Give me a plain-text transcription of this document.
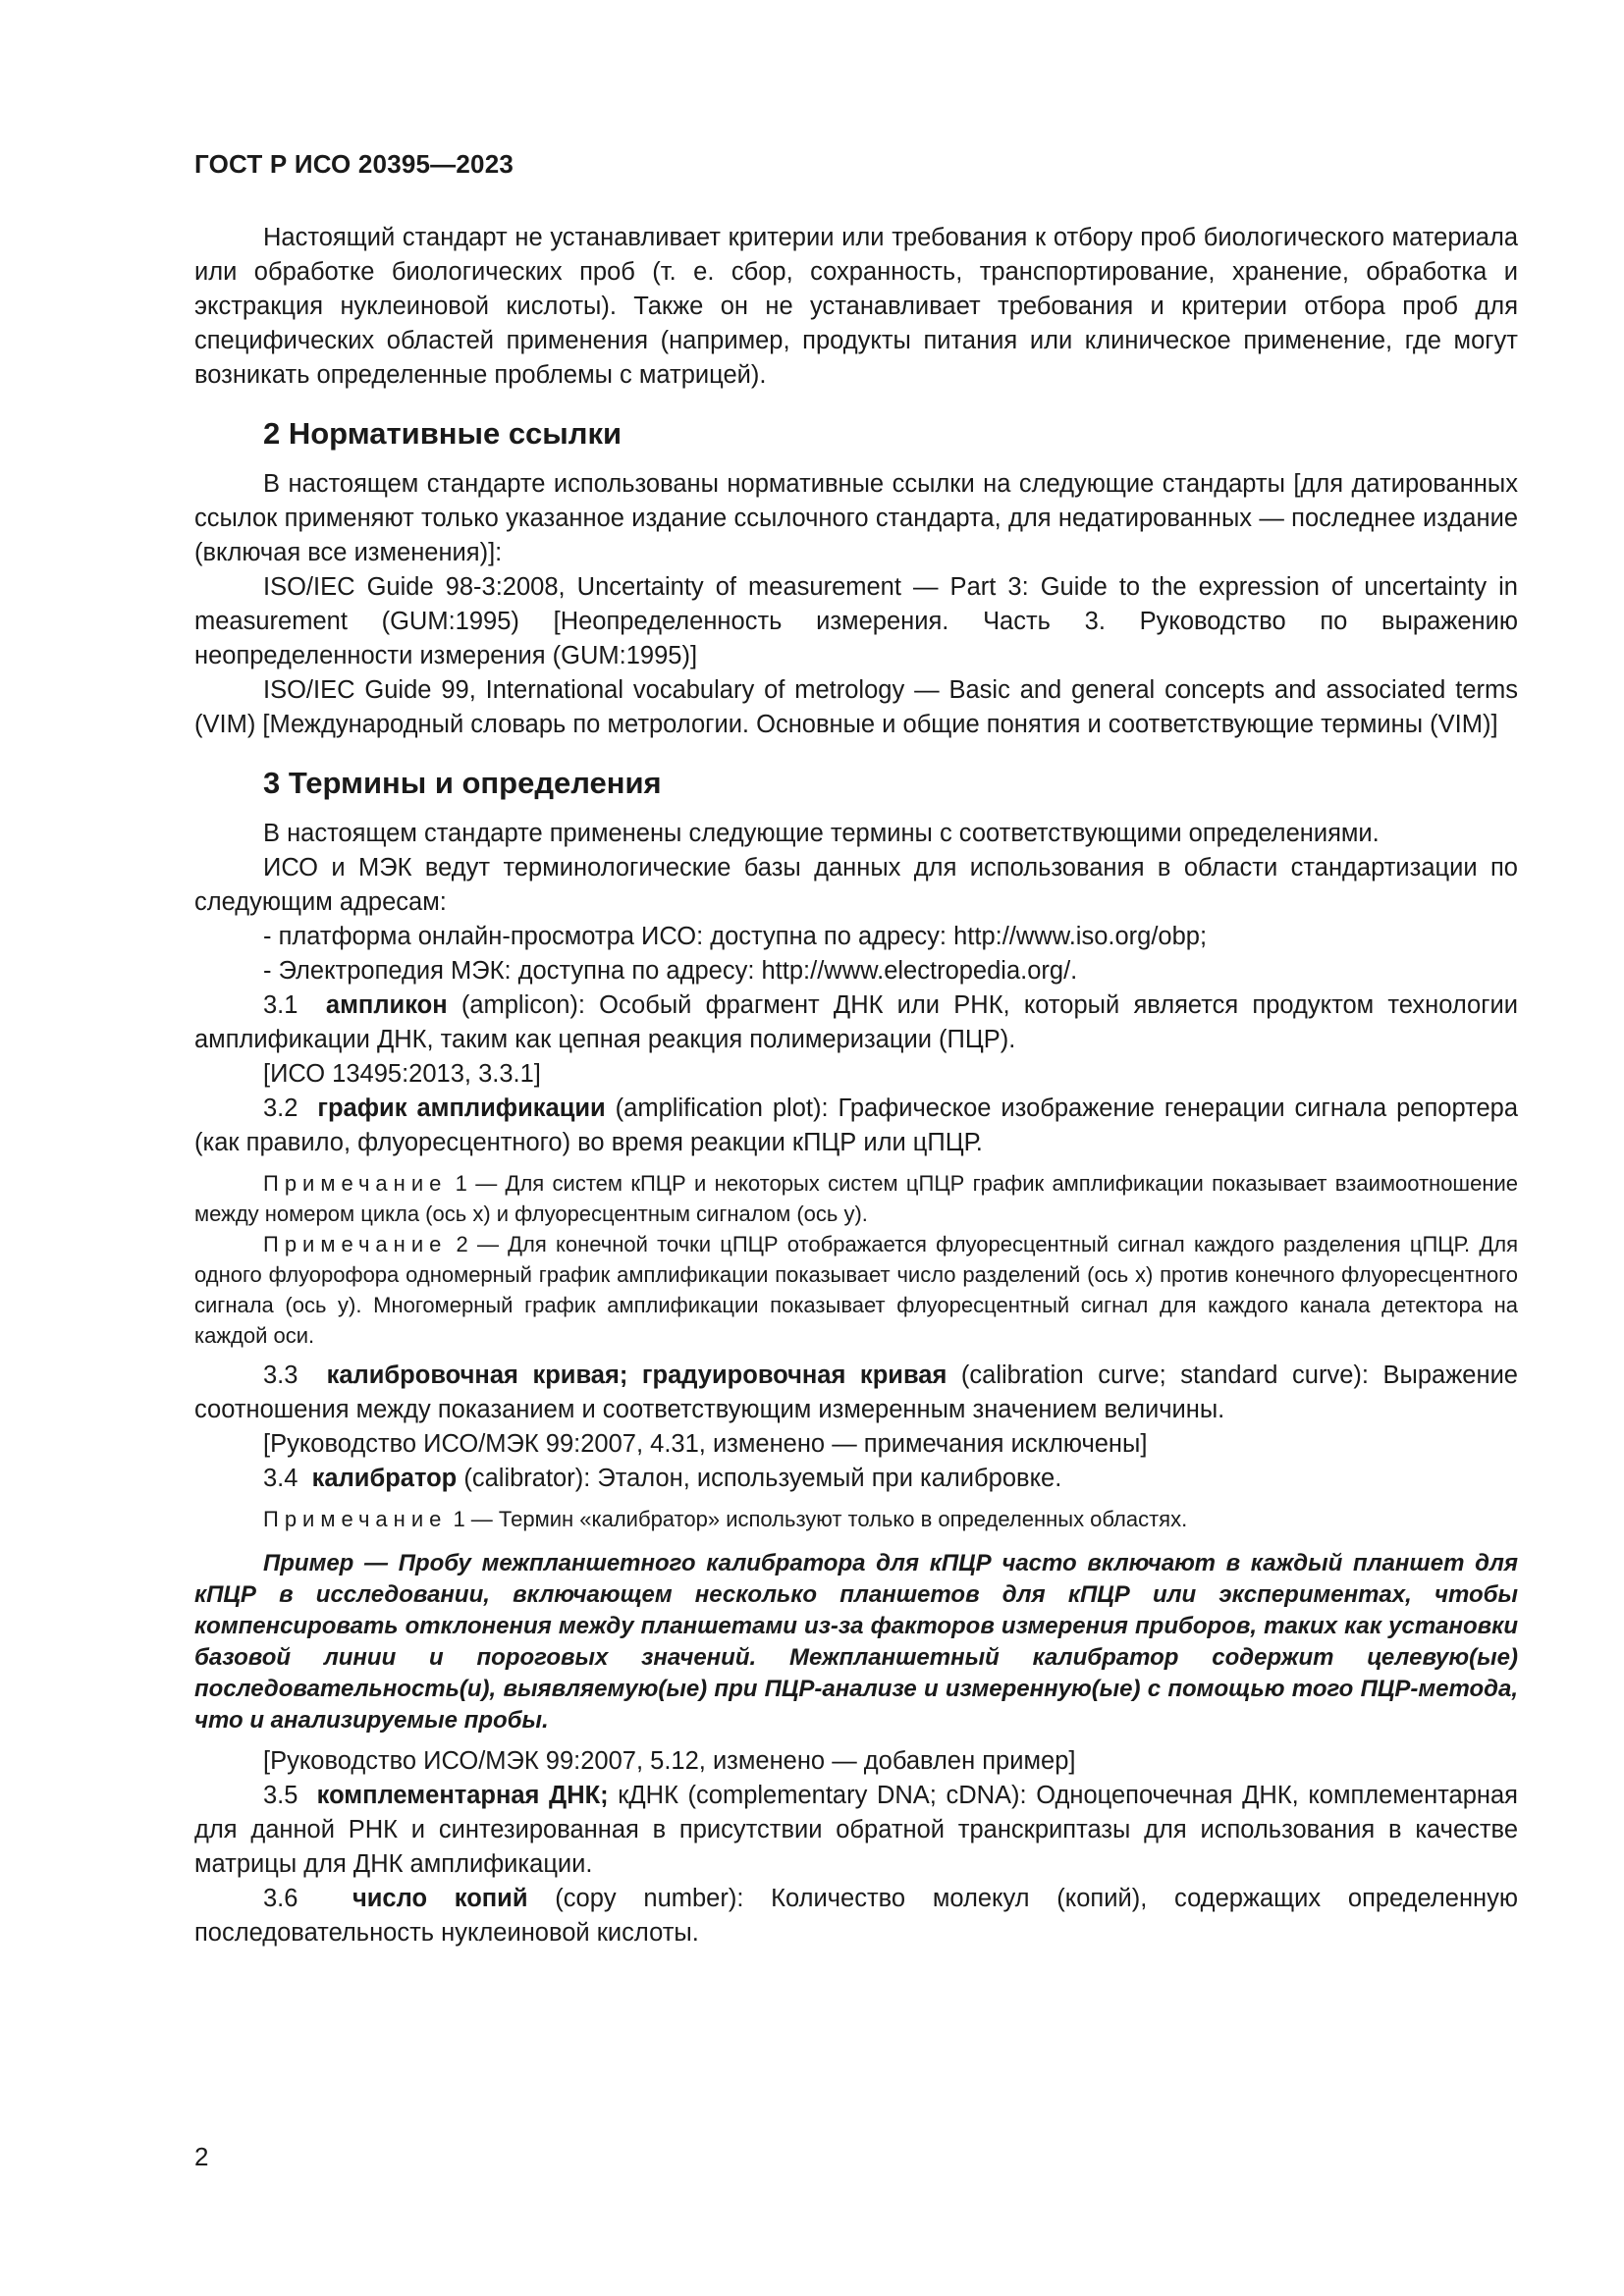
ГОСТ Р ИСО 20395—2023

Настоящий стандарт не устанавливает критерии или требования к отбору проб биологического материала или обработке биологических проб (т. е. сбор, сохранность, транспортирование, хранение, обработка и экстракция нуклеиновой кислоты). Также он не устанавливает требования и критерии отбора проб для специфических областей применения (например, продукты питания или клиническое применение, где могут возникать определенные проблемы с матрицей).

2 Нормативные ссылки

В настоящем стандарте использованы нормативные ссылки на следующие стандарты [для датированных ссылок применяют только указанное издание ссылочного стандарта, для недатированных — последнее издание (включая все изменения)]:

ISO/IEC Guide 98-3:2008, Uncertainty of measurement — Part 3: Guide to the expression of uncertainty in measurement (GUM:1995) [Неопределенность измерения. Часть 3. Руководство по выражению неопределенности измерения (GUM:1995)]

ISO/IEC Guide 99, International vocabulary of metrology — Basic and general concepts and associated terms (VIM) [Международный словарь по метрологии. Основные и общие понятия и соответствующие термины (VIM)]

3 Термины и определения

В настоящем стандарте применены следующие термины с соответствующими определениями.

ИСО и МЭК ведут терминологические базы данных для использования в области стандартизации по следующим адресам:

- платформа онлайн-просмотра ИСО: доступна по адресу: http://www.iso.org/obp;

- Электропедия МЭК: доступна по адресу: http://www.electropedia.org/.

3.1 ампликон (amplicon): Особый фрагмент ДНК или РНК, который является продуктом технологии амплификации ДНК, таким как цепная реакция полимеризации (ПЦР).

[ИСО 13495:2013, 3.3.1]

3.2 график амплификации (amplification plot): Графическое изображение генерации сигнала репортера (как правило, флуоресцентного) во время реакции кПЦР или цПЦР.

Примечание 1 — Для систем кПЦР и некоторых систем цПЦР график амплификации показывает взаимоотношение между номером цикла (ось x) и флуоресцентным сигналом (ось y).

Примечание 2 — Для конечной точки цПЦР отображается флуоресцентный сигнал каждого разделения цПЦР. Для одного флуорофора одномерный график амплификации показывает число разделений (ось x) против конечного флуоресцентного сигнала (ось y). Многомерный график амплификации показывает флуоресцентный сигнал для каждого канала детектора на каждой оси.

3.3 калибровочная кривая; градуировочная кривая (calibration curve; standard curve): Выражение соотношения между показанием и соответствующим измеренным значением величины.

[Руководство ИСО/МЭК 99:2007, 4.31, изменено — примечания исключены]

3.4 калибратор (calibrator): Эталон, используемый при калибровке.

Примечание 1 — Термин «калибратор» используют только в определенных областях.

Пример — Пробу межпланшетного калибратора для кПЦР часто включают в каждый планшет для кПЦР в исследовании, включающем несколько планшетов для кПЦР или экспериментах, чтобы компенсировать отклонения между планшетами из-за факторов измерения приборов, таких как установки базовой линии и пороговых значений. Межпланшетный калибратор содержит целевую(ые) последовательность(и), выявляемую(ые) при ПЦР-анализе и измеренную(ые) с помощью того ПЦР-метода, что и анализируемые пробы.

[Руководство ИСО/МЭК 99:2007, 5.12, изменено — добавлен пример]

3.5 комплементарная ДНК; кДНК (complementary DNA; cDNA): Одноцепочечная ДНК, комплементарная для данной РНК и синтезированная в присутствии обратной транскриптазы для использования в качестве матрицы для ДНК амплификации.

3.6 число копий (copy number): Количество молекул (копий), содержащих определенную последовательность нуклеиновой кислоты.

2
